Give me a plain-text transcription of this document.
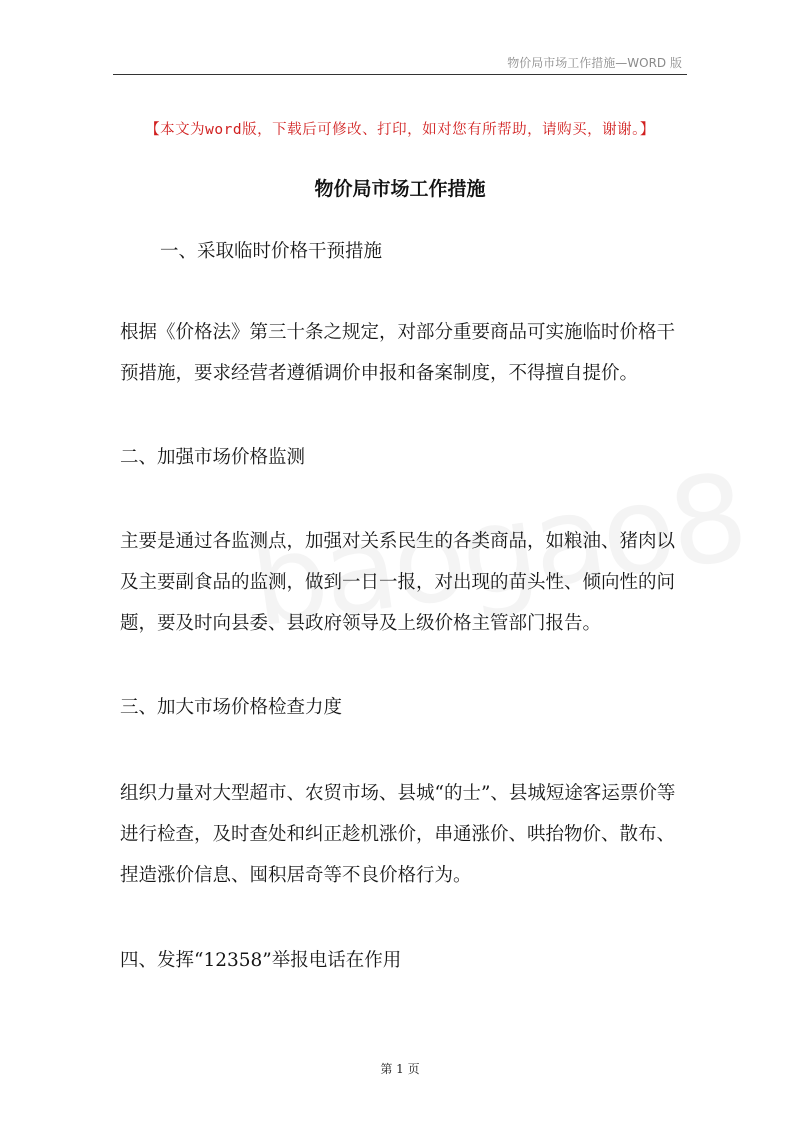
物价局市场工作措施—WORD 版
【本文为word版，下载后可修改、打印，如对您有所帮助，请购买，谢谢。】
物价局市场工作措施
一、采取临时价格干预措施
根据《价格法》第三十条之规定，对部分重要商品可实施临时价格干预措施，要求经营者遵循调价申报和备案制度，不得擅自提价。
二、加强市场价格监测
主要是通过各监测点，加强对关系民生的各类商品，如粮油、猪肉以及主要副食品的监测，做到一日一报，对出现的苗头性、倾向性的问题，要及时向县委、县政府领导及上级价格主管部门报告。
三、加大市场价格检查力度
组织力量对大型超市、农贸市场、县城“的士”、县城短途客运票价等进行检查，及时查处和纠正趁机涨价，串通涨价、哄抬物价、散布、捏造涨价信息、囤积居奇等不良价格行为。
四、发挥“12358”举报电话在作用
第 1 页
